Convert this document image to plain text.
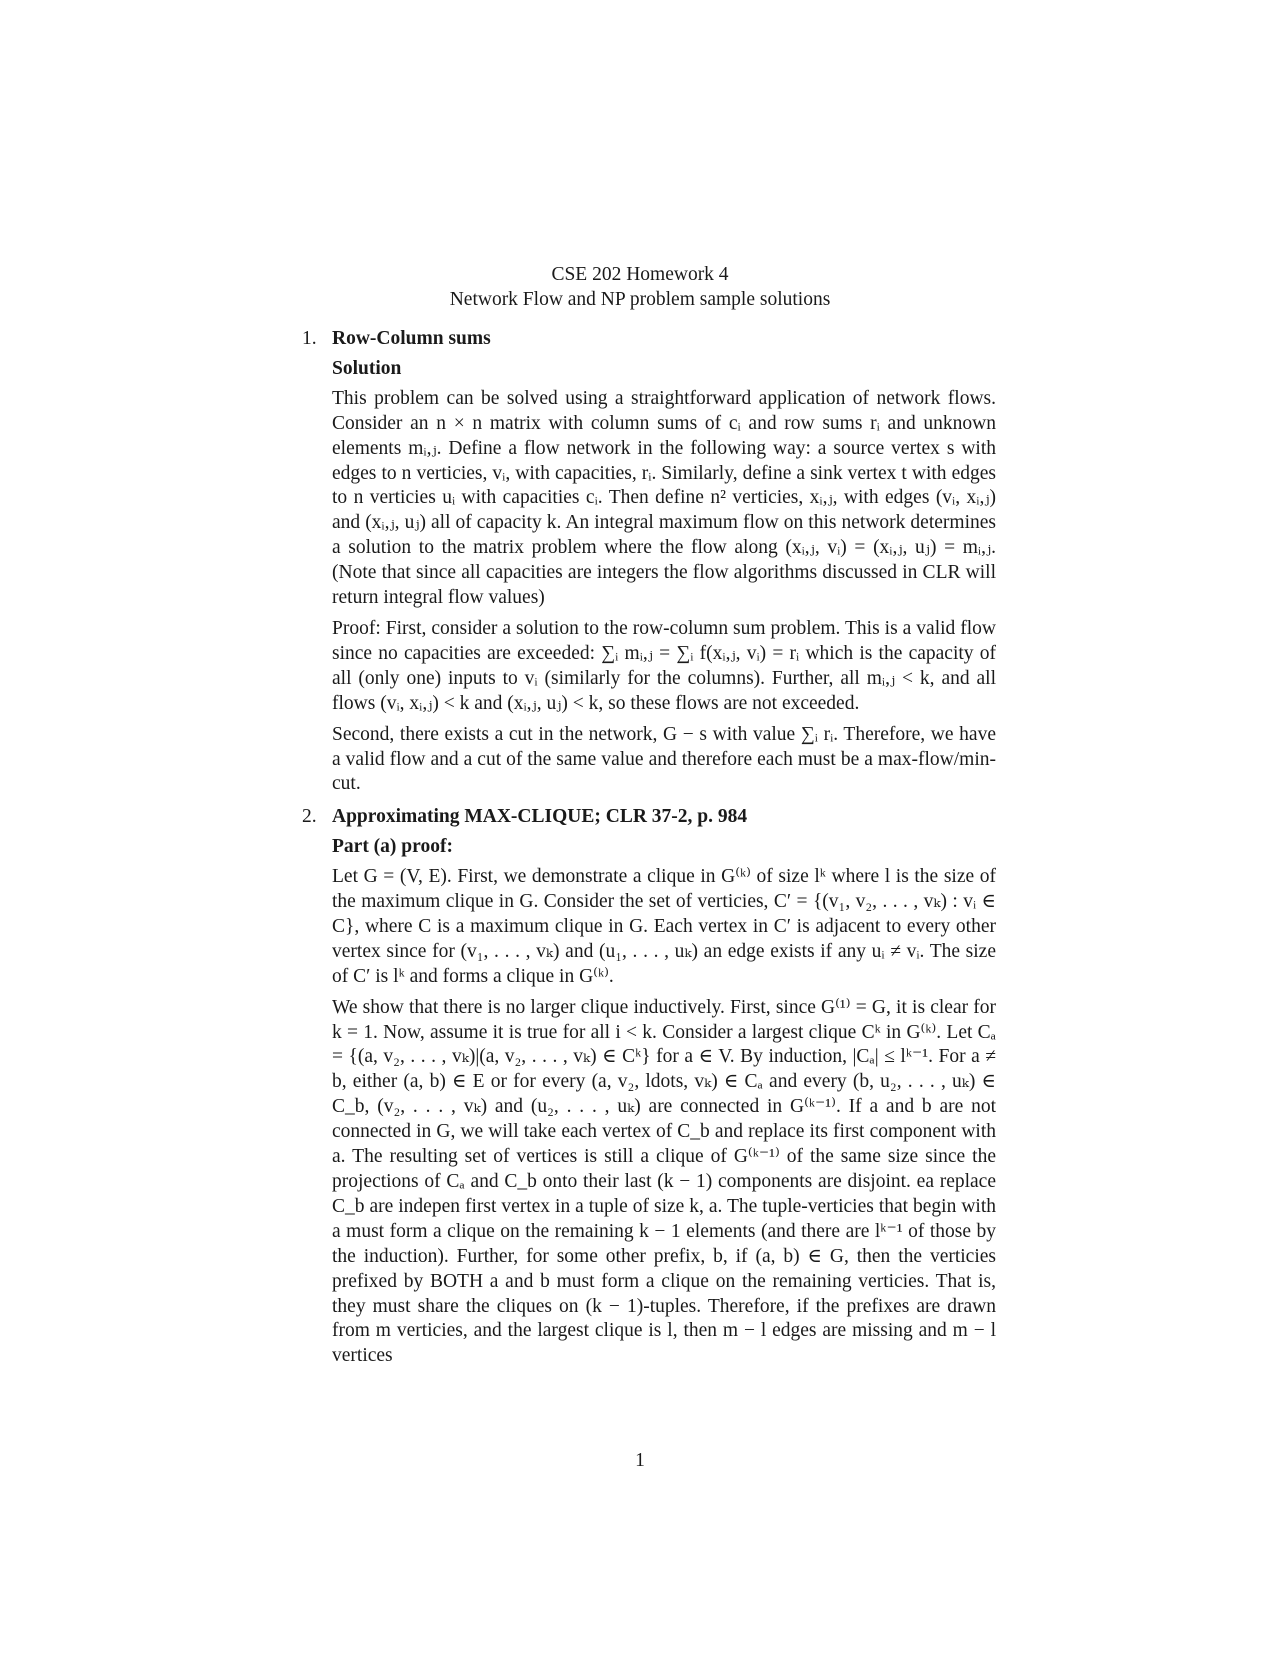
CSE 202 Homework 4
Network Flow and NP problem sample solutions
1. Row-Column sums
Solution

This problem can be solved using a straightforward application of network flows. Consider an n × n matrix with column sums of cᵢ and row sums rᵢ and unknown elements mᵢ,ⱼ. Define a flow network in the following way: a source vertex s with edges to n verticies, vᵢ, with capacities, rᵢ. Similarly, define a sink vertex t with edges to n verticies uᵢ with capacities cᵢ. Then define n² verticies, xᵢ,ⱼ, with edges (vᵢ, xᵢ,ⱼ) and (xᵢ,ⱼ, uⱼ) all of capacity k. An integral maximum flow on this network determines a solution to the matrix problem where the flow along (xᵢ,ⱼ, vᵢ) = (xᵢ,ⱼ, uⱼ) = mᵢ,ⱼ. (Note that since all capacities are integers the flow algorithms discussed in CLR will return integral flow values)

Proof: First, consider a solution to the row-column sum problem. This is a valid flow since no capacities are exceeded: ∑ᵢ mᵢ,ⱼ = ∑ᵢ f(xᵢ,ⱼ, vᵢ) = rᵢ which is the capacity of all (only one) inputs to vᵢ (similarly for the columns). Further, all mᵢ,ⱼ < k, and all flows (vᵢ, xᵢ,ⱼ) < k and (xᵢ,ⱼ, uⱼ) < k, so these flows are not exceeded.

Second, there exists a cut in the network, G − s with value ∑ᵢ rᵢ. Therefore, we have a valid flow and a cut of the same value and therefore each must be a max-flow/min-cut.

2. Approximating MAX-CLIQUE; CLR 37-2, p. 984
Part (a) proof:

Let G = (V, E). First, we demonstrate a clique in G⁽ᵏ⁾ of size lᵏ where l is the size of the maximum clique in G. Consider the set of verticies, C′ = {(v₁, v₂, . . . , vₖ) : vᵢ ∈ C}, where C is a maximum clique in G. Each vertex in C′ is adjacent to every other vertex since for (v₁, . . . , vₖ) and (u₁, . . . , uₖ) an edge exists if any uᵢ ≠ vᵢ. The size of C′ is lᵏ and forms a clique in G⁽ᵏ⁾.

We show that there is no larger clique inductively. First, since G⁽¹⁾ = G, it is clear for k = 1. Now, assume it is true for all i < k. Consider a largest clique Cᵏ in G⁽ᵏ⁾. Let Cₐ = {(a, v₂, . . . , vₖ)|(a, v₂, . . . , vₖ) ∈ Cᵏ} for a ∈ V. By induction, |Cₐ| ≤ lᵏ⁻¹. For a ≠ b, either (a, b) ∈ E or for every (a, v₂, ldots, vₖ) ∈ Cₐ and every (b, u₂, . . . , uₖ) ∈ C_b, (v₂, . . . , vₖ) and (u₂, . . . , uₖ) are connected in G⁽ᵏ⁻¹⁾. If a and b are not connected in G, we will take each vertex of C_b and replace its first component with a. The resulting set of vertices is still a clique of G⁽ᵏ⁻¹⁾ of the same size since the projections of Cₐ and C_b onto their last (k − 1) components are disjoint. ea replace C_b are indepen first vertex in a tuple of size k, a. The tuple-verticies that begin with a must form a clique on the remaining k − 1 elements (and there are lᵏ⁻¹ of those by the induction). Further, for some other prefix, b, if (a, b) ∈ G, then the verticies prefixed by BOTH a and b must form a clique on the remaining verticies. That is, they must share the cliques on (k − 1)-tuples. Therefore, if the prefixes are drawn from m verticies, and the largest clique is l, then m − l edges are missing and m − l vertices

1
